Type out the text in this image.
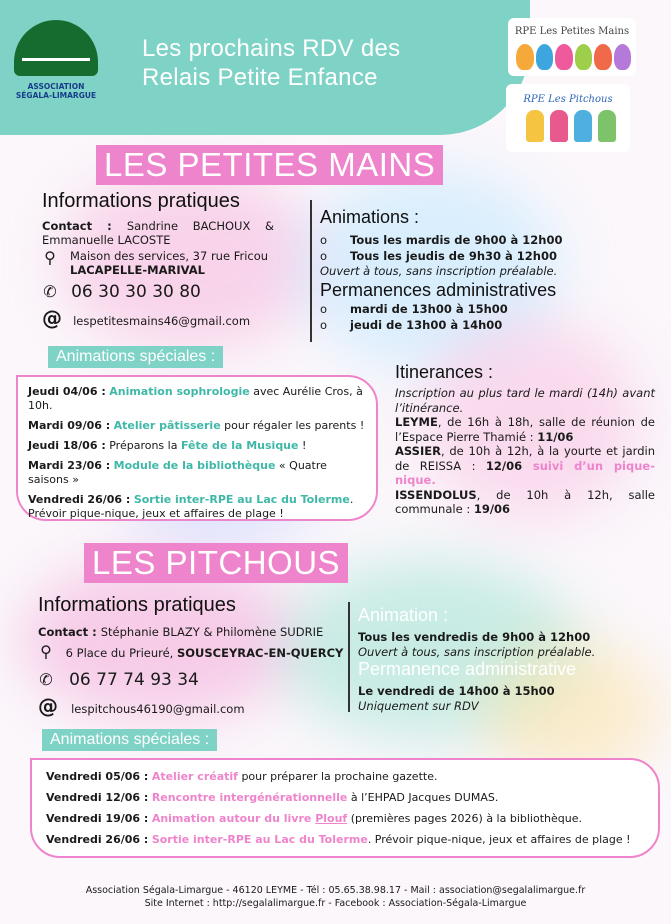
ASSOCIATION
SÉGALA-LIMARGUE
Les prochains RDV des
Relais Petite Enfance
RPE Les Petites Mains
RPE Les Pitchous
LES PETITES MAINS
Informations pratiques
Contact : Sandrine BACHOUX & Emmanuelle LACOSTE
⚲ Maison des services, 37 rue Fricou
LACAPELLE-MARIVAL
✆ 06 30 30 30 80
@ lespetitesmains46@gmail.com
Animations :
o Tous les mardis de 9h00 à 12h00
o Tous les jeudis de 9h30 à 12h00
Ouvert à tous, sans inscription préalable.
Permanences administratives
o mardi de 13h00 à 15h00
o jeudi de 13h00 à 14h00
Animations spéciales :

Jeudi 04/06 : Animation sophrologie avec Aurélie Cros, à 10h.

Mardi 09/06 : Atelier pâtisserie pour régaler les parents !

Jeudi 18/06 : Préparons la Fête de la Musique !

Mardi 23/06 : Module de la bibliothèque « Quatre saisons »

Vendredi 26/06 : Sortie inter-RPE au Lac du Tolerme. Prévoir pique-nique, jeux et affaires de plage !

Itinerances :
Inscription au plus tard le mardi (14h) avant l’itinérance.
LEYME, de 16h à 18h, salle de réunion de l’Espace Pierre Thamié : 11/06
ASSIER, de 10h à 12h, à la yourte et jardin de REISSA : 12/06 suivi d’un pique-nique.
ISSENDOLUS, de 10h à 12h, salle communale : 19/06
LES PITCHOUS
Informations pratiques
Contact : Stéphanie BLAZY & Philomène SUDRIE
⚲ 6 Place du Prieuré, SOUSCEYRAC-EN-QUERCY
✆ 06 77 74 93 34
@ lespitchous46190@gmail.com
Animation :
Tous les vendredis de 9h00 à 12h00
Ouvert à tous, sans inscription préalable.
Permanence administrative
Le vendredi de 14h00 à 15h00
Uniquement sur RDV
Animations spéciales :

Vendredi 05/06 : Atelier créatif pour préparer la prochaine gazette.

Vendredi 12/06 : Rencontre intergénérationnelle à l’EHPAD Jacques DUMAS.

Vendredi 19/06 : Animation autour du livre Plouf (premières pages 2026) à la bibliothèque.

Vendredi 26/06 : Sortie inter-RPE au Lac du Tolerme. Prévoir pique-nique, jeux et affaires de plage !

Association Ségala-Limargue - 46120 LEYME - Tél : 05.65.38.98.17 - Mail : association@segalalimargue.fr
Site Internet : http://segalalimargue.fr - Facebook : Association-Ségala-Limargue
